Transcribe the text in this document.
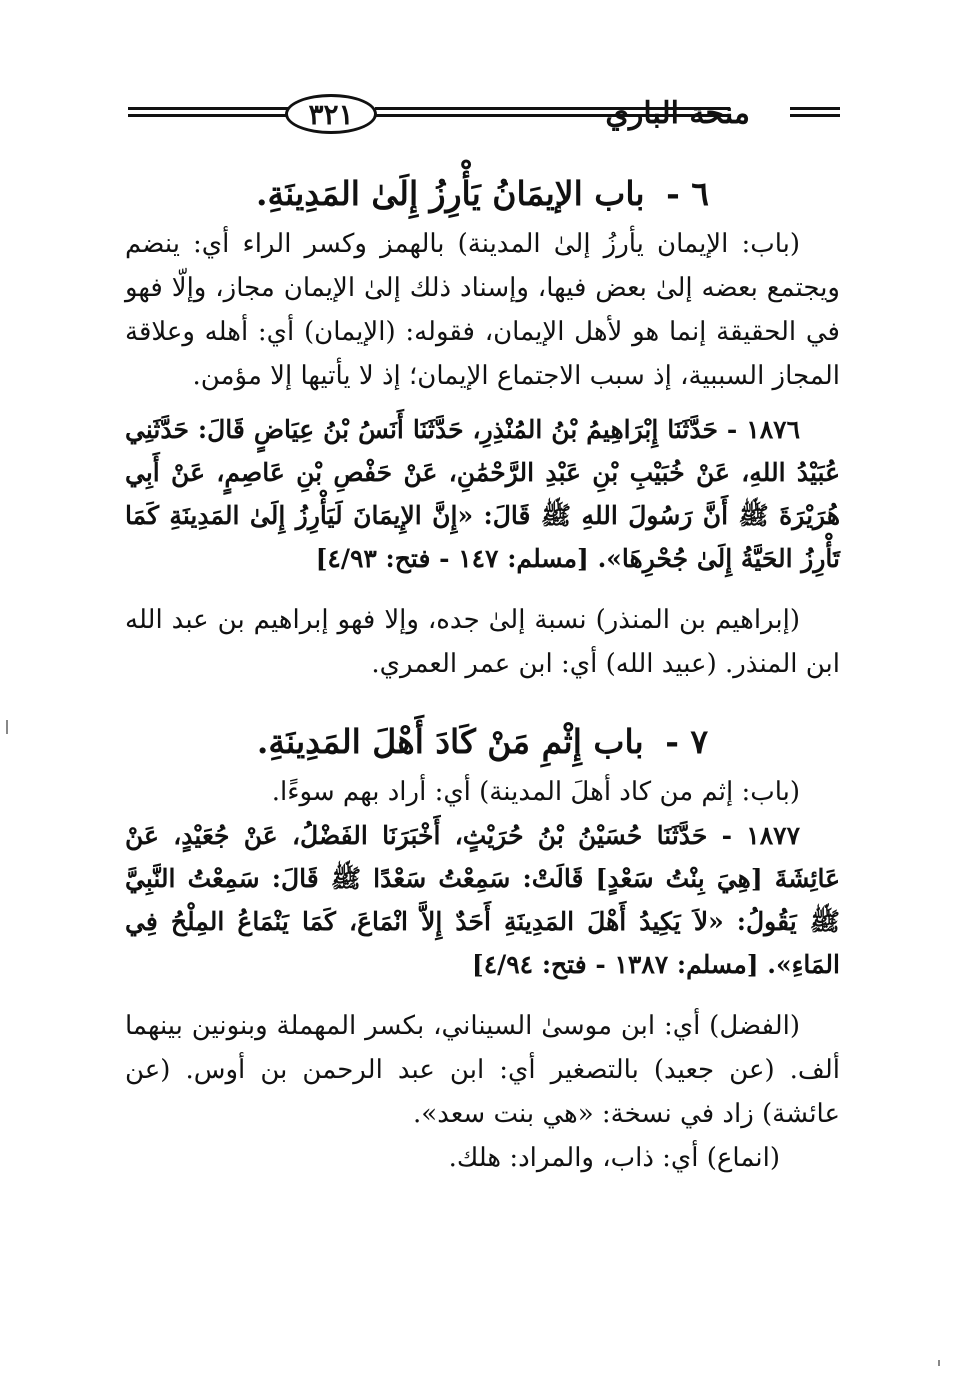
٣٢١	منحة الباري
٦ - باب الإيمَانُ يَأْرِزُ إِلَىٰ المَدِينَةِ.

(باب: الإيمان يأرزُ إلىٰ المدينة) بالهمز وكسر الراء أي: ينضم ويجتمع بعضه إلىٰ بعض فيها، وإسناد ذلك إلىٰ الإيمان مجاز، وإلّا فهو في الحقيقة إنما هو لأهل الإيمان، فقوله: (الإيمان) أي: أهله وعلاقة المجاز السببية، إذ سبب الاجتماع الإيمان؛ إذ لا يأتيها إلا مؤمن.

١٨٧٦ - حَدَّثَنَا إِبْرَاهِيمُ بْنُ المُنْذِرِ، حَدَّثَنَا أَنَسُ بْنُ عِيَاضٍ قَالَ: حَدَّثَنِي عُبَيْدُ اللهِ، عَنْ خُبَيْبِ بْنِ عَبْدِ الرَّحْمَٰنِ، عَنْ حَفْصِ بْنِ عَاصِمٍ، عَنْ أَبِي هُرَيْرَةَ ﷺ أَنَّ رَسُولَ اللهِ ﷺ قَالَ: «إِنَّ الإِيمَانَ لَيَأْرِزُ إِلَىٰ المَدِينَةِ كَمَا تَأْرِزُ الحَيَّةُ إِلَىٰ جُحْرِهَا». [مسلم: ١٤٧ - فتح: ٤/٩٣]

(إبراهيم بن المنذر) نسبة إلىٰ جده، وإلا فهو إبراهيم بن عبد الله ابن المنذر. (عبيد الله) أي: ابن عمر العمري.

٧ - باب إِثْمِ مَنْ كَادَ أَهْلَ المَدِينَةِ.

(باب: إثم من كاد أهلَ المدينة) أي: أراد بهم سوءًا.

١٨٧٧ - حَدَّثَنَا حُسَيْنُ بْنُ حُرَيْثٍ، أَخْبَرَنَا الفَضْلُ، عَنْ جُعَيْدٍ، عَنْ عَائِشَةَ [هِيَ بِنْتُ سَعْدٍ] قَالَتْ: سَمِعْتُ سَعْدًا ﷺ قَالَ: سَمِعْتُ النَّبِيَّ ﷺ يَقُولُ: «لاَ يَكِيدُ أَهْلَ المَدِينَةِ أَحَدٌ إِلاَّ انْمَاعَ، كَمَا يَنْمَاعُ المِلْحُ فِي المَاءِ». [مسلم: ١٣٨٧ - فتح: ٤/٩٤]

(الفضل) أي: ابن موسىٰ السيناني، بكسر المهملة وبنونين بينهما ألف. (عن جعيد) بالتصغير أي: ابن عبد الرحمن بن أوس. (عن عائشة) زاد في نسخة: «هي بنت سعد».

(انماع) أي: ذاب، والمراد: هلك.
